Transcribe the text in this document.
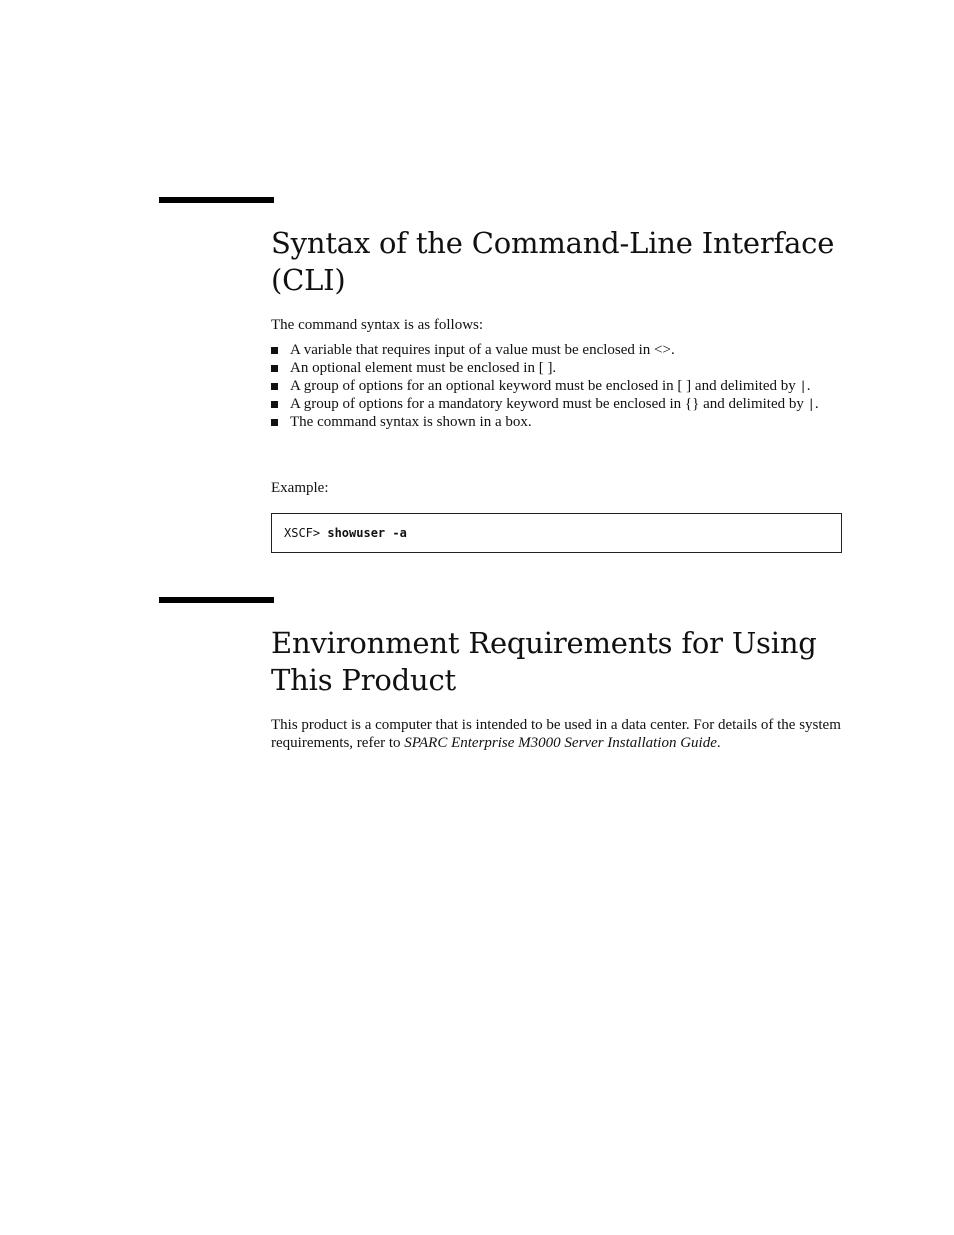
Syntax of the Command-Line Interface (CLI)

The command syntax is as follows:

A variable that requires input of a value must be enclosed in <>.
An optional element must be enclosed in [ ].
A group of options for an optional keyword must be enclosed in [ ] and delimited by |.
A group of options for a mandatory keyword must be enclosed in {} and delimited by |.
The command syntax is shown in a box.

Example:

XSCF> showuser -a
Environment Requirements for Using This Product

This product is a computer that is intended to be used in a data center. For details of the system requirements, refer to SPARC Enterprise M3000 Server Installation Guide.
